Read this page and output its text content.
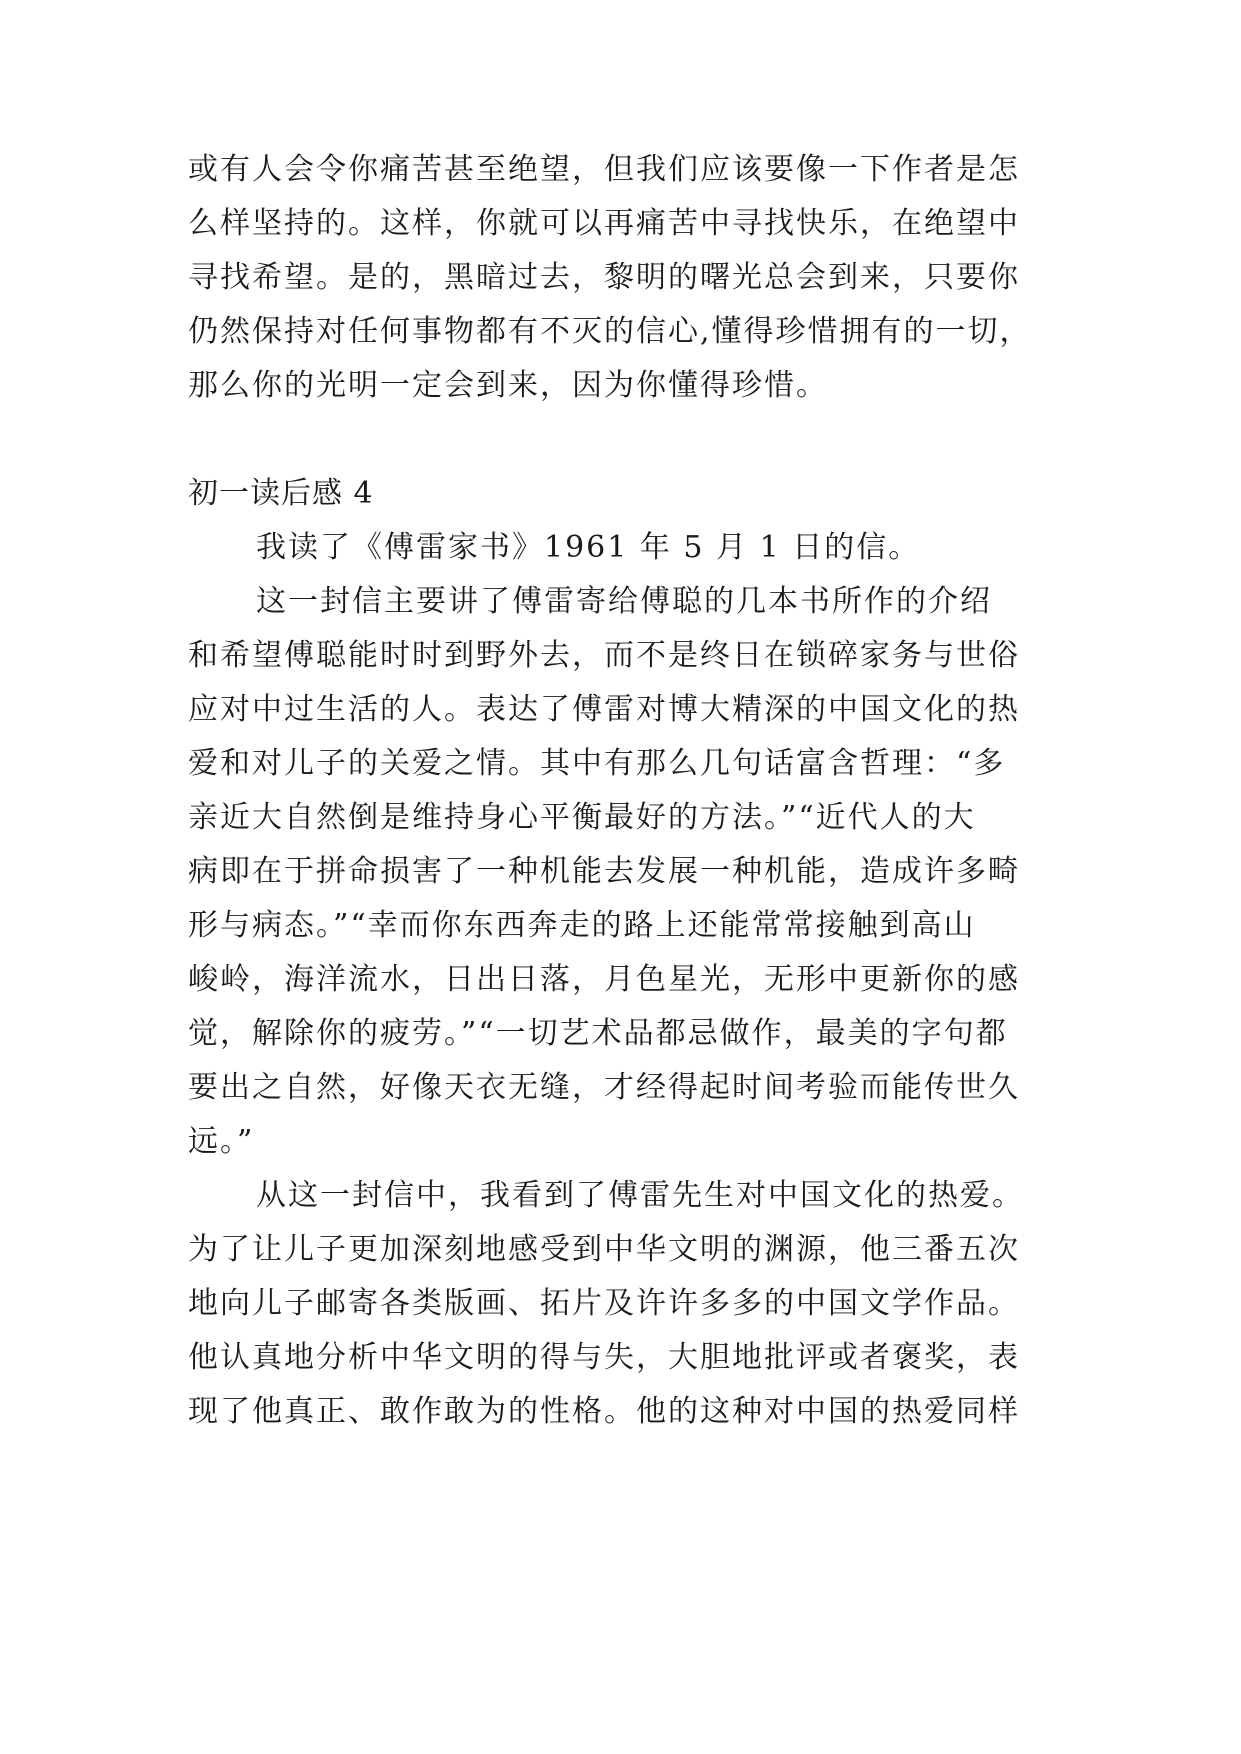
或有人会令你痛苦甚至绝望，但我们应该要像一下作者是怎
么样坚持的。这样，你就可以再痛苦中寻找快乐，在绝望中
寻找希望。是的，黑暗过去，黎明的曙光总会到来，只要你
仍然保持对任何事物都有不灭的信心,懂得珍惜拥有的一切，
那么你的光明一定会到来，因为你懂得珍惜。
初一读后感 4
我读了《傅雷家书》1961 年 5 月 1 日的信。
这一封信主要讲了傅雷寄给傅聪的几本书所作的介绍
和希望傅聪能时时到野外去，而不是终日在锁碎家务与世俗
应对中过生活的人。表达了傅雷对博大精深的中国文化的热
爱和对儿子的关爱之情。其中有那么几句话富含哲理：“多
亲近大自然倒是维持身心平衡最好的方法。”“近代人的大
病即在于拼命损害了一种机能去发展一种机能，造成许多畸
形与病态。”“幸而你东西奔走的路上还能常常接触到高山
峻岭，海洋流水，日出日落，月色星光，无形中更新你的感
觉，解除你的疲劳。”“一切艺术品都忌做作，最美的字句都
要出之自然，好像天衣无缝，才经得起时间考验而能传世久
远。”
从这一封信中，我看到了傅雷先生对中国文化的热爱。
为了让儿子更加深刻地感受到中华文明的渊源，他三番五次
地向儿子邮寄各类版画、拓片及许许多多的中国文学作品。
他认真地分析中华文明的得与失，大胆地批评或者褒奖，表
现了他真正、敢作敢为的性格。他的这种对中国的热爱同样
